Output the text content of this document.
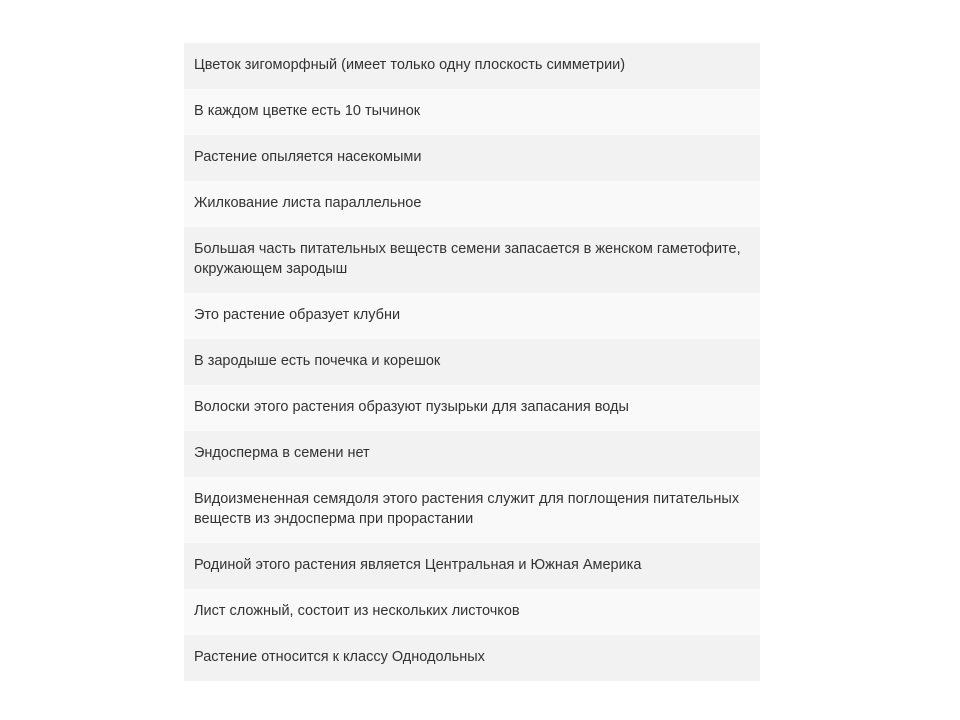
Цветок зигоморфный (имеет только одну плоскость симметрии)
В каждом цветке есть 10 тычинок
Растение опыляется насекомыми
Жилкование листа параллельное
Большая часть питательных веществ семени запасается в женском гаметофите, окружающем зародыш
Это растение образует клубни
В зародыше есть почечка и корешок
Волоски этого растения образуют пузырьки для запасания воды
Эндосперма в семени нет
Видоизмененная семядоля этого растения служит для поглощения питательных веществ из эндосперма при прорастании
Родиной этого растения является Центральная и Южная Америка
Лист сложный, состоит из нескольких листочков
Растение относится к классу Однодольных
